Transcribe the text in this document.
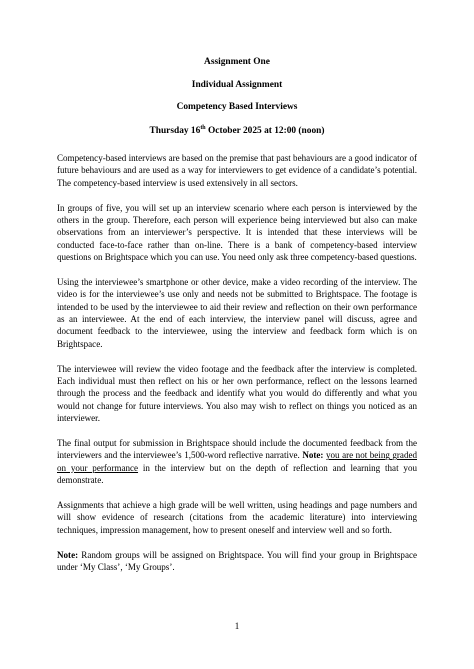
Assignment One
Individual Assignment
Competency Based Interviews
Thursday 16th October 2025 at 12:00 (noon)

Competency-based interviews are based on the premise that past behaviours are a good indicator of future behaviours and are used as a way for interviewers to get evidence of a candidate’s potential. The competency-based interview is used extensively in all sectors.

In groups of five, you will set up an interview scenario where each person is interviewed by the others in the group. Therefore, each person will experience being interviewed but also can make observations from an interviewer’s perspective. It is intended that these interviews will be conducted face-to-face rather than on-line. There is a bank of competency-based interview questions on Brightspace which you can use. You need only ask three competency-based questions.

Using the interviewee’s smartphone or other device, make a video recording of the interview. The video is for the interviewee’s use only and needs not be submitted to Brightspace. The footage is intended to be used by the interviewee to aid their review and reflection on their own performance as an interviewee. At the end of each interview, the interview panel will discuss, agree and document feedback to the interviewee, using the interview and feedback form which is on Brightspace.

The interviewee will review the video footage and the feedback after the interview is completed. Each individual must then reflect on his or her own performance, reflect on the lessons learned through the process and the feedback and identify what you would do differently and what you would not change for future interviews. You also may wish to reflect on things you noticed as an interviewer.

The final output for submission in Brightspace should include the documented feedback from the interviewers and the interviewee’s 1,500-word reflective narrative. Note: you are not being graded on your performance in the interview but on the depth of reflection and learning that you demonstrate.

Assignments that achieve a high grade will be well written, using headings and page numbers and will show evidence of research (citations from the academic literature) into interviewing techniques, impression management, how to present oneself and interview well and so forth.

Note: Random groups will be assigned on Brightspace. You will find your group in Brightspace under ‘My Class’, ‘My Groups’.

1
